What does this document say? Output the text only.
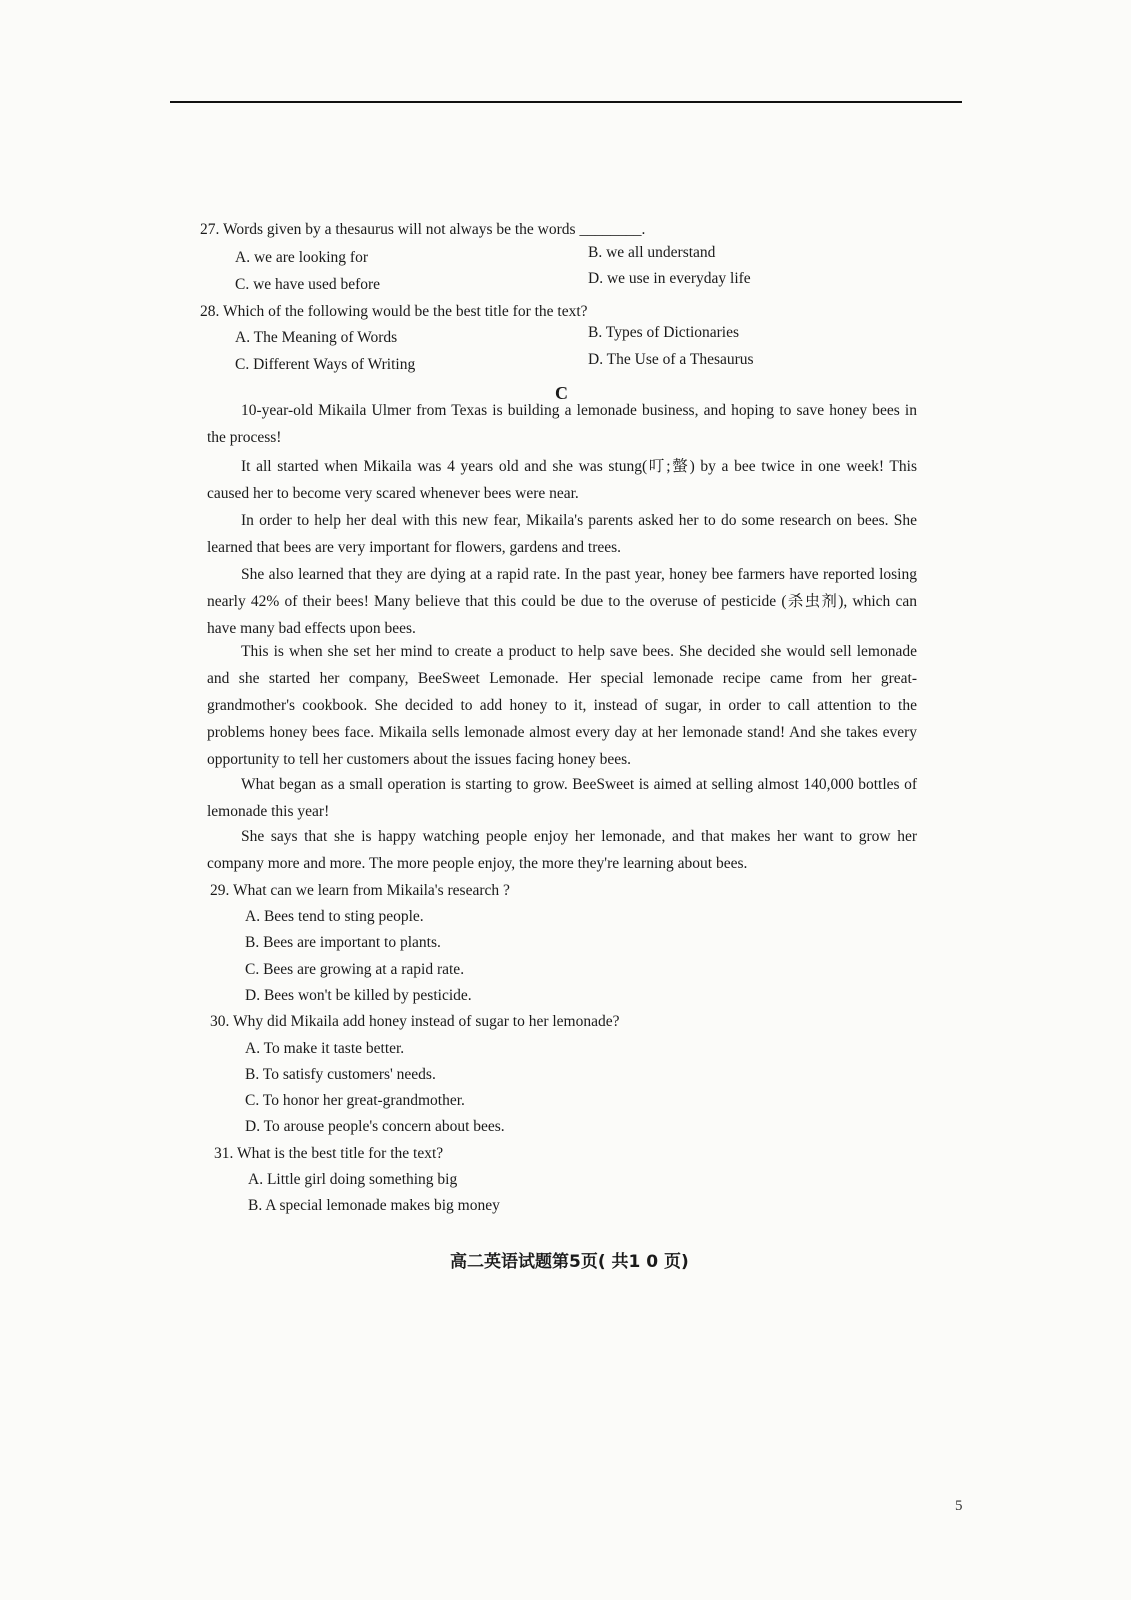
27. Words given by a thesaurus will not always be the words ________.
A. we are looking for	B. we all understand
C. we have used before	D. we use in everyday life
28. Which of the following would be the best title for the text?
A. The Meaning of Words	B. Types of Dictionaries
C. Different Ways of Writing	D. The Use of a Thesaurus
C

10-year-old Mikaila Ulmer from Texas is building a lemonade business, and hoping to save honey bees in the process!

It all started when Mikaila was 4 years old and she was stung(叮;螫) by a bee twice in one week! This caused her to become very scared whenever bees were near.

In order to help her deal with this new fear, Mikaila's parents asked her to do some research on bees. She learned that bees are very important for flowers, gardens and trees.

She also learned that they are dying at a rapid rate. In the past year, honey bee farmers have reported losing nearly 42% of their bees! Many believe that this could be due to the overuse of pesticide (杀虫剂), which can have many bad effects upon bees.

This is when she set her mind to create a product to help save bees. She decided she would sell lemonade and she started her company, BeeSweet Lemonade. Her special lemonade recipe came from her great-grandmother's cookbook. She decided to add honey to it, instead of sugar, in order to call attention to the problems honey bees face. Mikaila sells lemonade almost every day at her lemonade stand! And she takes every opportunity to tell her customers about the issues facing honey bees.

What began as a small operation is starting to grow. BeeSweet is aimed at selling almost 140,000 bottles of lemonade this year!

She says that she is happy watching people enjoy her lemonade, and that makes her want to grow her company more and more. The more people enjoy, the more they're learning about bees.

29. What can we learn from Mikaila's research ?
A. Bees tend to sting people.
B. Bees are important to plants.
C. Bees are growing at a rapid rate.
D. Bees won't be killed by pesticide.
30. Why did Mikaila add honey instead of sugar to her lemonade?
A. To make it taste better.
B. To satisfy customers' needs.
C. To honor her great-grandmother.
D. To arouse people's concern about bees.
31. What is the best title for the text?
A. Little girl doing something big
B. A special lemonade makes big money
高二英语试题第5页( 共1 0 页)
5
